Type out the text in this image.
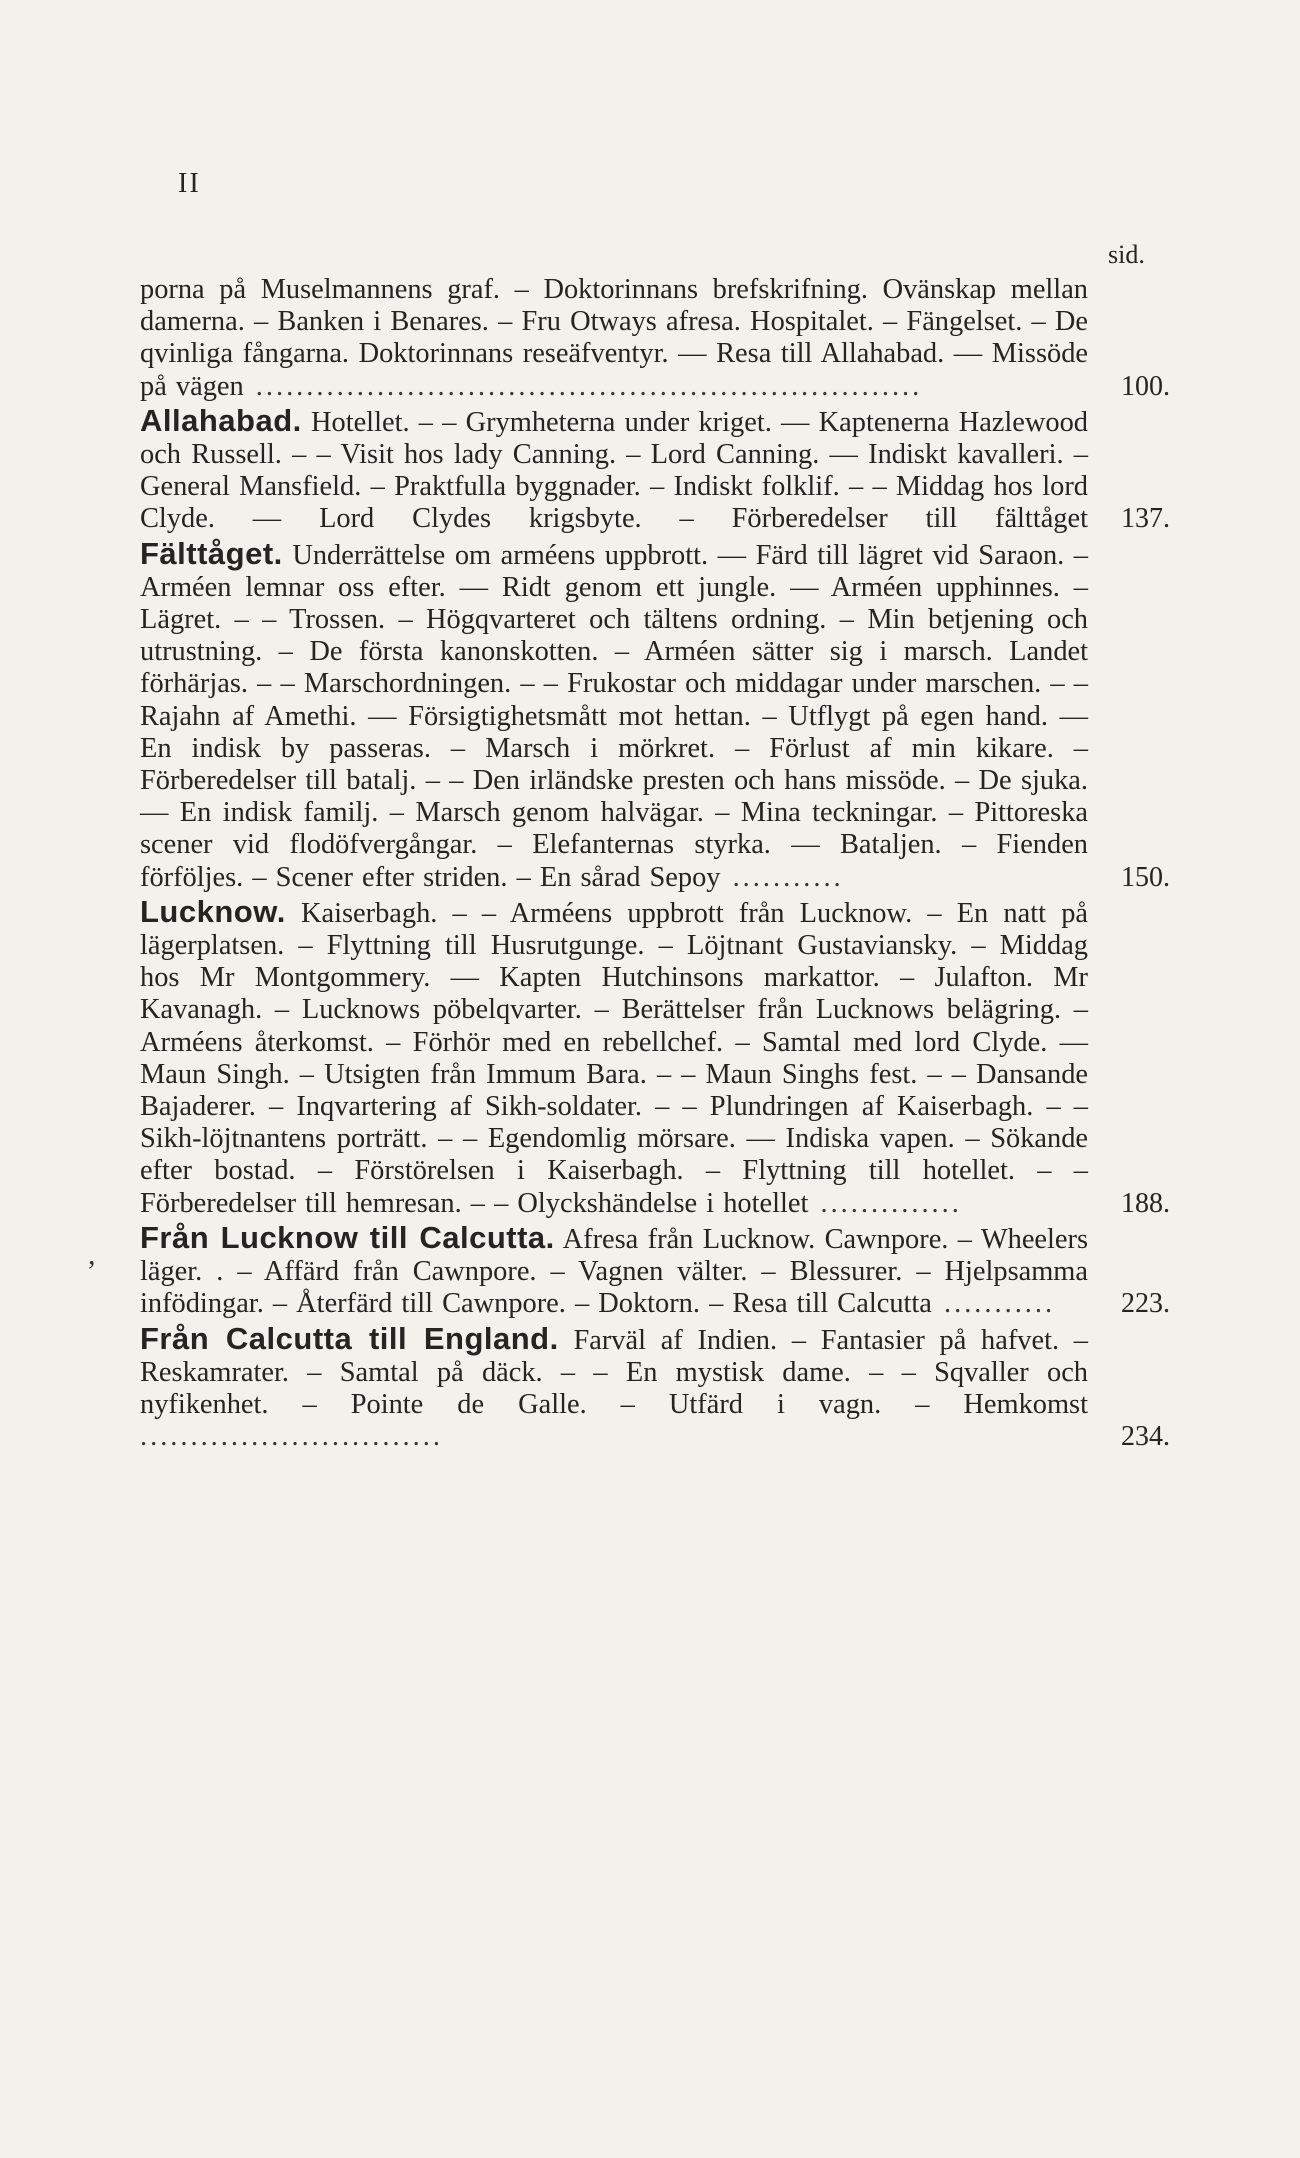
II
sid.
,
porna på Muselmannens graf. – Doktorinnans brefskrifning. Ovänskap mellan damerna. – Banken i Benares. – Fru Otways afresa. Hospitalet. – Fängelset. – De qvinliga fångarna. Doktorinnans reseäfventyr. — Resa till Allahabad. — Missöde på vägen ..................................................................	100.
Allahabad. Hotellet. – – Grymheterna under kriget. — Kaptenerna Hazlewood och Russell. – – Visit hos lady Canning. – Lord Canning. — Indiskt kavalleri. – General Mansfield. – Praktfulla byggnader. – Indiskt folklif. – – Middag hos lord Clyde. — Lord Clydes krigsbyte. – Förberedelser till fälttåget	137.
Fälttåget. Underrättelse om arméens uppbrott. — Färd till lägret vid Saraon. – Arméen lemnar oss efter. — Ridt genom ett jungle. — Arméen upphinnes. – Lägret. – – Trossen. – Högqvarteret och tältens ordning. – Min betjening och utrustning. – De första kanonskotten. – Arméen sätter sig i marsch. Landet förhärjas. – – Marschordningen. – – Frukostar och middagar under marschen. – – Rajahn af Amethi. — Försigtighetsmått mot hettan. – Utflygt på egen hand. — En indisk by passeras. – Marsch i mörkret. – Förlust af min kikare. – Förberedelser till batalj. – – Den irländske presten och hans missöde. – De sjuka. — En indisk familj. – Marsch genom halvägar. – Mina teckningar. – Pittoreska scener vid flodöfvergångar. – Elefanternas styrka. — Bataljen. – Fienden förföljes. – Scener efter striden. – En sårad Sepoy ...........	150.
Lucknow. Kaiserbagh. – – Arméens uppbrott från Lucknow. – En natt på lägerplatsen. – Flyttning till Husrutgunge. – Löjtnant Gustaviansky. – Middag hos Mr Montgommery. — Kapten Hutchinsons markattor. – Julafton. Mr Kavanagh. – Lucknows pöbelqvarter. – Berättelser från Lucknows belägring. – Arméens återkomst. – Förhör med en rebellchef. – Samtal med lord Clyde. — Maun Singh. – Utsigten från Immum Bara. – – Maun Singhs fest. – – Dansande Bajaderer. – Inqvartering af Sikh-soldater. – – Plundringen af Kaiserbagh. – – Sikh-löjtnantens porträtt. – – Egendomlig mörsare. — Indiska vapen. – Sökande efter bostad. – Förstörelsen i Kaiserbagh. – Flyttning till hotellet. – – Förberedelser till hemresan. – – Olyckshändelse i hotellet ..............	188.
Från Lucknow till Calcutta. Afresa från Lucknow. Cawnpore. – Wheelers läger. . – Affärd från Cawnpore. – Vagnen välter. – Blessurer. – Hjelpsamma infödingar. – Återfärd till Cawnpore. – Doktorn. – Resa till Calcutta ...........	223.
Från Calcutta till England. Farväl af Indien. – Fantasier på hafvet. – Reskamrater. – Samtal på däck. – – En mystisk dame. – – Sqvaller och nyfikenhet. – Pointe de Galle. – Utfärd i vagn. – Hemkomst ..............................	234.
